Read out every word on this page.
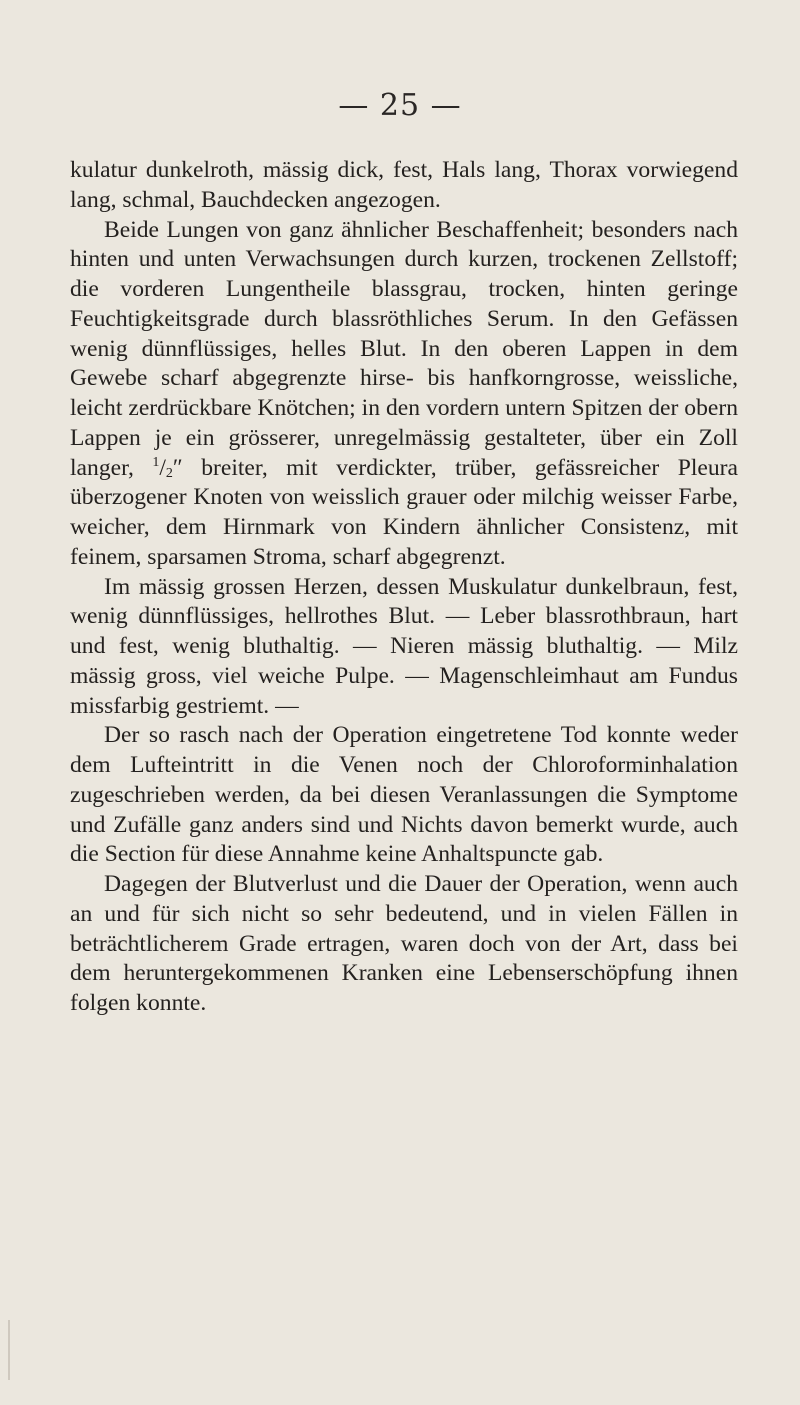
— 25 —

kulatur dunkelroth, mässig dick, fest, Hals lang, Thorax vorwiegend lang, schmal, Bauchdecken angezogen.

Beide Lungen von ganz ähnlicher Beschaffenheit; besonders nach hinten und unten Verwachsungen durch kurzen, trockenen Zellstoff; die vorderen Lungentheile blassgrau, trocken, hinten geringe Feuchtigkeitsgrade durch blassröthliches Serum. In den Gefässen wenig dünnflüssiges, helles Blut. In den oberen Lappen in dem Gewebe scharf abgegrenzte hirse- bis hanfkorngrosse, weissliche, leicht zerdrückbare Knötchen; in den vordern untern Spitzen der obern Lappen je ein grösserer, unregelmässig gestalteter, über ein Zoll langer, $^1/_2''$ breiter, mit verdickter, trüber, gefässreicher Pleura überzogener Knoten von weisslich grauer oder milchig weisser Farbe, weicher, dem Hirnmark von Kindern ähnlicher Consistenz, mit feinem, sparsamen Stroma, scharf abgegrenzt.

Im mässig grossen Herzen, dessen Muskulatur dunkelbraun, fest, wenig dünnflüssiges, hellrothes Blut. — Leber blassrothbraun, hart und fest, wenig bluthaltig. — Nieren mässig bluthaltig. — Milz mässig gross, viel weiche Pulpe. — Magenschleimhaut am Fundus missfarbig gestriemt. —

Der so rasch nach der Operation eingetretene Tod konnte weder dem Lufteintritt in die Venen noch der Chloroforminhalation zugeschrieben werden, da bei diesen Veranlassungen die Symptome und Zufälle ganz anders sind und Nichts davon bemerkt wurde, auch die Section für diese Annahme keine Anhaltspuncte gab.

Dagegen der Blutverlust und die Dauer der Operation, wenn auch an und für sich nicht so sehr bedeutend, und in vielen Fällen in beträchtlicherem Grade ertragen, waren doch von der Art, dass bei dem heruntergekommenen Kranken eine Lebenserschöpfung ihnen folgen konnte.
